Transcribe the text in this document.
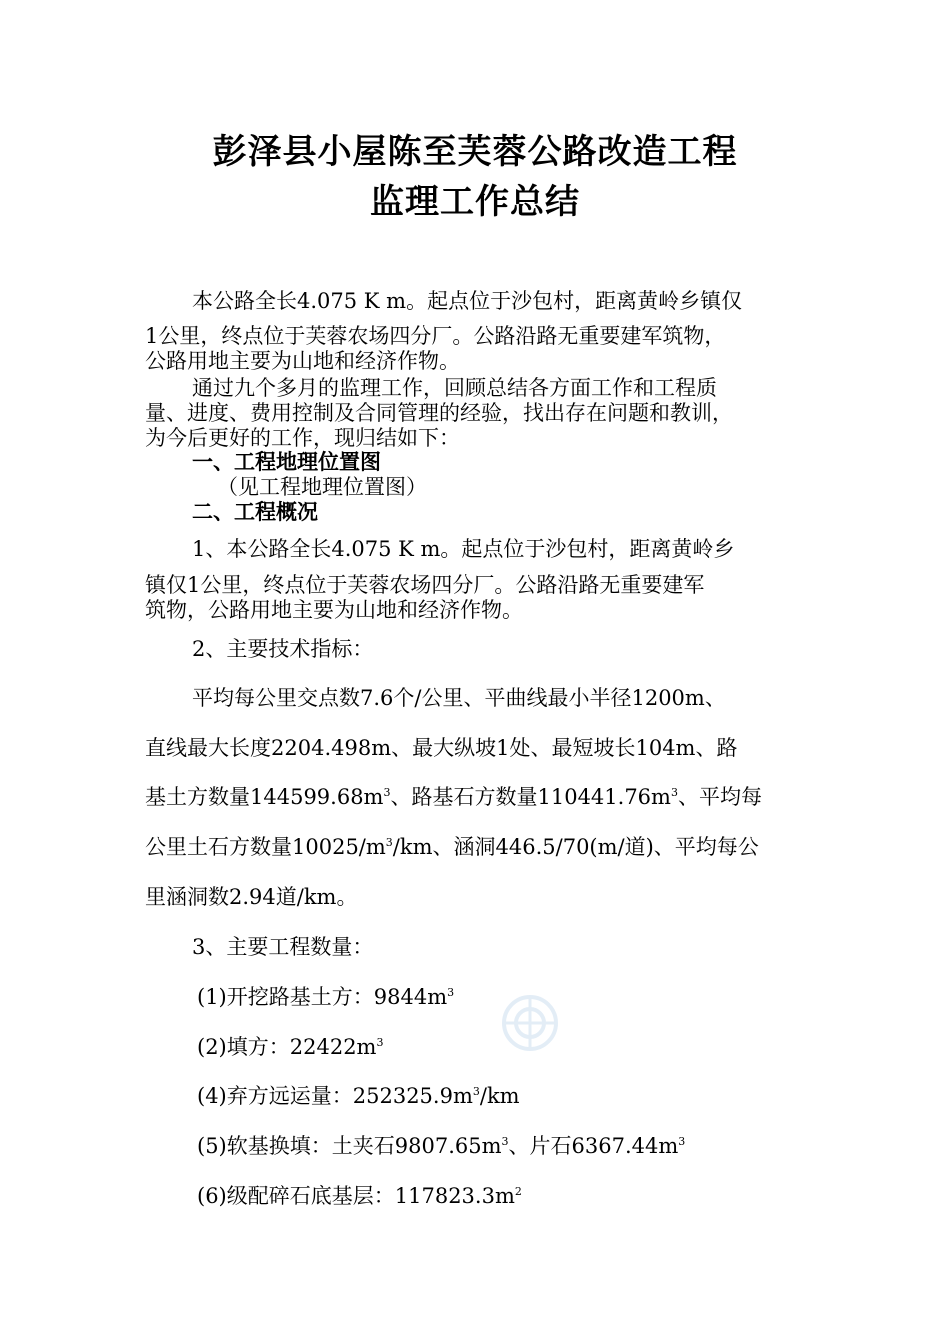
彭泽县小屋陈至芙蓉公路改造工程
监理工作总结
本公路全长4.075 K m。起点位于沙包村，距离黄岭乡镇仅
1公里，终点位于芙蓉农场四分厂。公路沿路无重要建军筑物，
公路用地主要为山地和经济作物。
通过九个多月的监理工作，回顾总结各方面工作和工程质
量、进度、费用控制及合同管理的经验，找出存在问题和教训，
为今后更好的工作，现归结如下：
一、工程地理位置图
（见工程地理位置图）
二、工程概况
1、本公路全长4.075 K m。起点位于沙包村，距离黄岭乡
镇仅1公里，终点位于芙蓉农场四分厂。公路沿路无重要建军
筑物，公路用地主要为山地和经济作物。
2、主要技术指标：
平均每公里交点数7.6个/公里、平曲线最小半径1200m、
直线最大长度2204.498m、最大纵坡1处、最短坡长104m、路
基土方数量$144599.68m^3$、路基石方数量$110441.76m^3$、平均每
公里土石方数量$10025/m^3/km$、涵洞446.5/70(m/道)、平均每公
里涵洞数2.94道/km。
3、主要工程数量：
(1)开挖路基土方：$9844m^3$
(2)填方：$22422m^3$
(4)弃方远运量：$252325.9m^3/km$
(5)软基换填：土夹石$9807.65m^3$、片石$6367.44m^3$
(6)级配碎石底基层：$117823.3m^2$
